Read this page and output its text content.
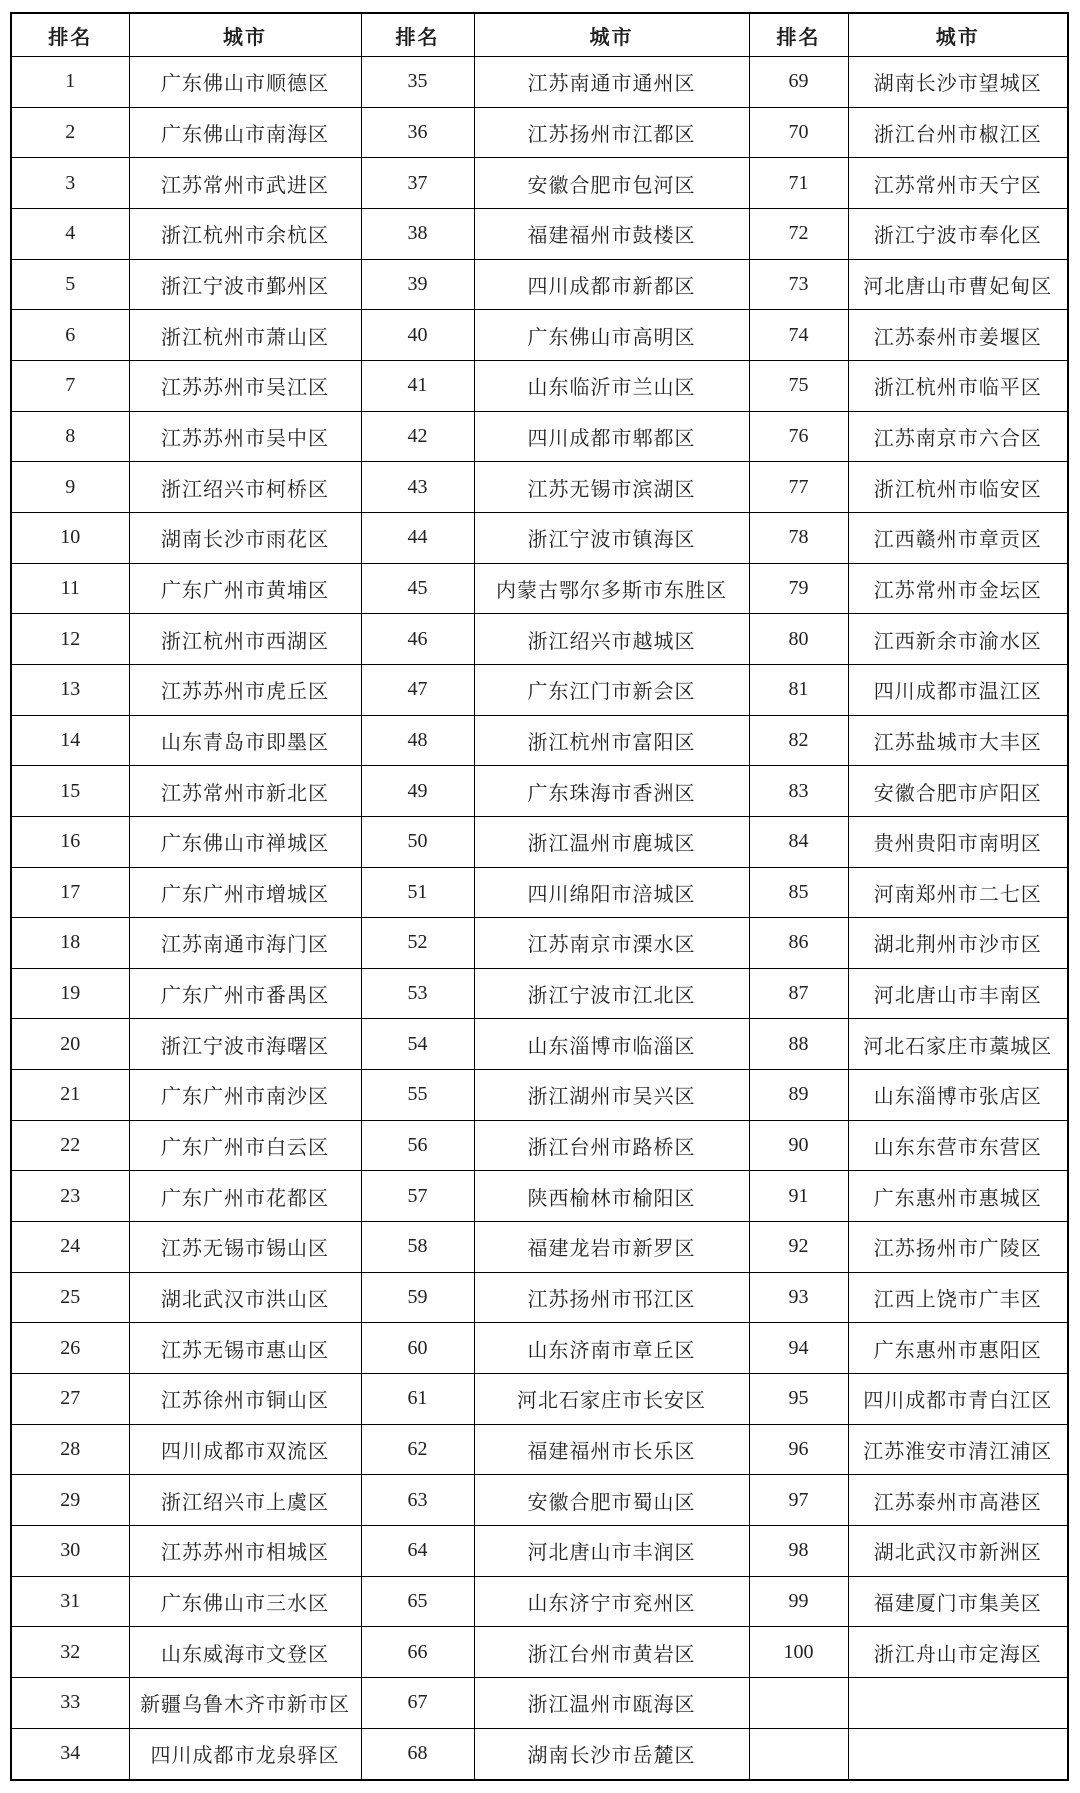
排名	城市	排名	城市	排名	城市
1	广东佛山市顺德区	35	江苏南通市通州区	69	湖南长沙市望城区
2	广东佛山市南海区	36	江苏扬州市江都区	70	浙江台州市椒江区
3	江苏常州市武进区	37	安徽合肥市包河区	71	江苏常州市天宁区
4	浙江杭州市余杭区	38	福建福州市鼓楼区	72	浙江宁波市奉化区
5	浙江宁波市鄞州区	39	四川成都市新都区	73	河北唐山市曹妃甸区
6	浙江杭州市萧山区	40	广东佛山市高明区	74	江苏泰州市姜堰区
7	江苏苏州市吴江区	41	山东临沂市兰山区	75	浙江杭州市临平区
8	江苏苏州市吴中区	42	四川成都市郫都区	76	江苏南京市六合区
9	浙江绍兴市柯桥区	43	江苏无锡市滨湖区	77	浙江杭州市临安区
10	湖南长沙市雨花区	44	浙江宁波市镇海区	78	江西赣州市章贡区
11	广东广州市黄埔区	45	内蒙古鄂尔多斯市东胜区	79	江苏常州市金坛区
12	浙江杭州市西湖区	46	浙江绍兴市越城区	80	江西新余市渝水区
13	江苏苏州市虎丘区	47	广东江门市新会区	81	四川成都市温江区
14	山东青岛市即墨区	48	浙江杭州市富阳区	82	江苏盐城市大丰区
15	江苏常州市新北区	49	广东珠海市香洲区	83	安徽合肥市庐阳区
16	广东佛山市禅城区	50	浙江温州市鹿城区	84	贵州贵阳市南明区
17	广东广州市增城区	51	四川绵阳市涪城区	85	河南郑州市二七区
18	江苏南通市海门区	52	江苏南京市溧水区	86	湖北荆州市沙市区
19	广东广州市番禺区	53	浙江宁波市江北区	87	河北唐山市丰南区
20	浙江宁波市海曙区	54	山东淄博市临淄区	88	河北石家庄市藁城区
21	广东广州市南沙区	55	浙江湖州市吴兴区	89	山东淄博市张店区
22	广东广州市白云区	56	浙江台州市路桥区	90	山东东营市东营区
23	广东广州市花都区	57	陕西榆林市榆阳区	91	广东惠州市惠城区
24	江苏无锡市锡山区	58	福建龙岩市新罗区	92	江苏扬州市广陵区
25	湖北武汉市洪山区	59	江苏扬州市邗江区	93	江西上饶市广丰区
26	江苏无锡市惠山区	60	山东济南市章丘区	94	广东惠州市惠阳区
27	江苏徐州市铜山区	61	河北石家庄市长安区	95	四川成都市青白江区
28	四川成都市双流区	62	福建福州市长乐区	96	江苏淮安市清江浦区
29	浙江绍兴市上虞区	63	安徽合肥市蜀山区	97	江苏泰州市高港区
30	江苏苏州市相城区	64	河北唐山市丰润区	98	湖北武汉市新洲区
31	广东佛山市三水区	65	山东济宁市兖州区	99	福建厦门市集美区
32	山东威海市文登区	66	浙江台州市黄岩区	100	浙江舟山市定海区
33	新疆乌鲁木齐市新市区	67	浙江温州市瓯海区		
34	四川成都市龙泉驿区	68	湖南长沙市岳麓区		
